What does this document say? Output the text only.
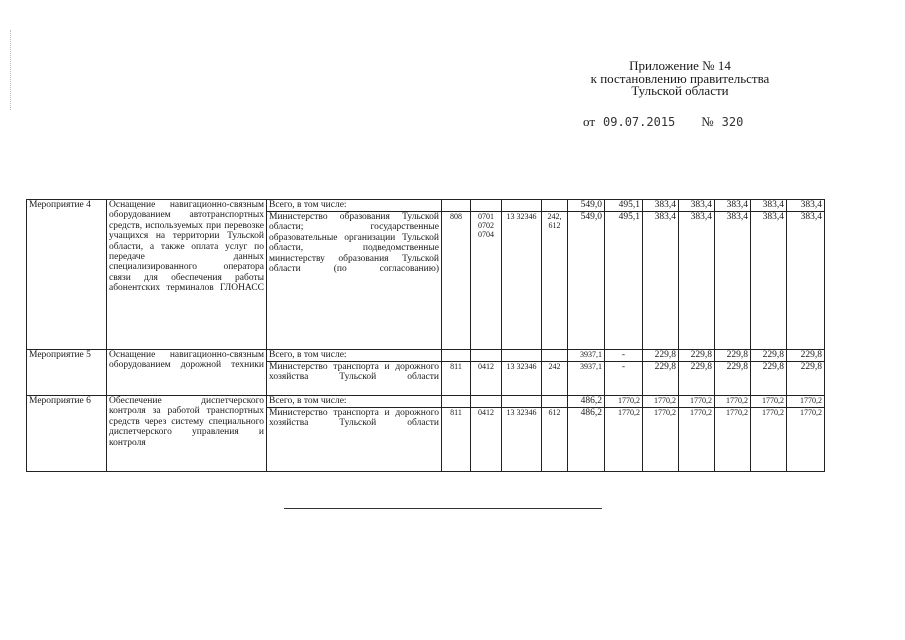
Приложение № 14
к постановлению правительства
Тульской области
от 09.07.2015 № 320
Мероприятие 4	Оснащение навигационно-связным оборудованием автотранспортных средств, используемых при перевозке учащихся на территории Тульской области, а также оплата услуг по передаче данных специализированного оператора связи для обеспечения работы абонентских терминалов ГЛОНАСС	Всего, в том числе:					549,0	495,1	383,4	383,4	383,4	383,4	383,4
		Министерство образования Тульской области; государственные образовательные организации Тульской области, подведомственные министерству образования Тульской области (по согласованию)	808	0701 0702 0704	13 32346	242, 612	549,0	495,1	383,4	383,4	383,4	383,4	383,4
Мероприятие 5	Оснащение навигационно-связным оборудованием дорожной техники	Всего, в том числе:					3937,1	-	229,8	229,8	229,8	229,8	229,8
		Министерство транспорта и дорожного хозяйства Тульской области	811	0412	13 32346	242	3937,1	-	229,8	229,8	229,8	229,8	229,8
Мероприятие 6	Обеспечение диспетчерского контроля за работой транспортных средств через систему специального диспетчерского управления и контроля	Всего, в том числе:					486,2	1770,2	1770,2	1770,2	1770,2	1770,2	1770,2
		Министерство транспорта и дорожного хозяйства Тульской области	811	0412	13 32346	612	486,2	1770,2	1770,2	1770,2	1770,2	1770,2	1770,2
